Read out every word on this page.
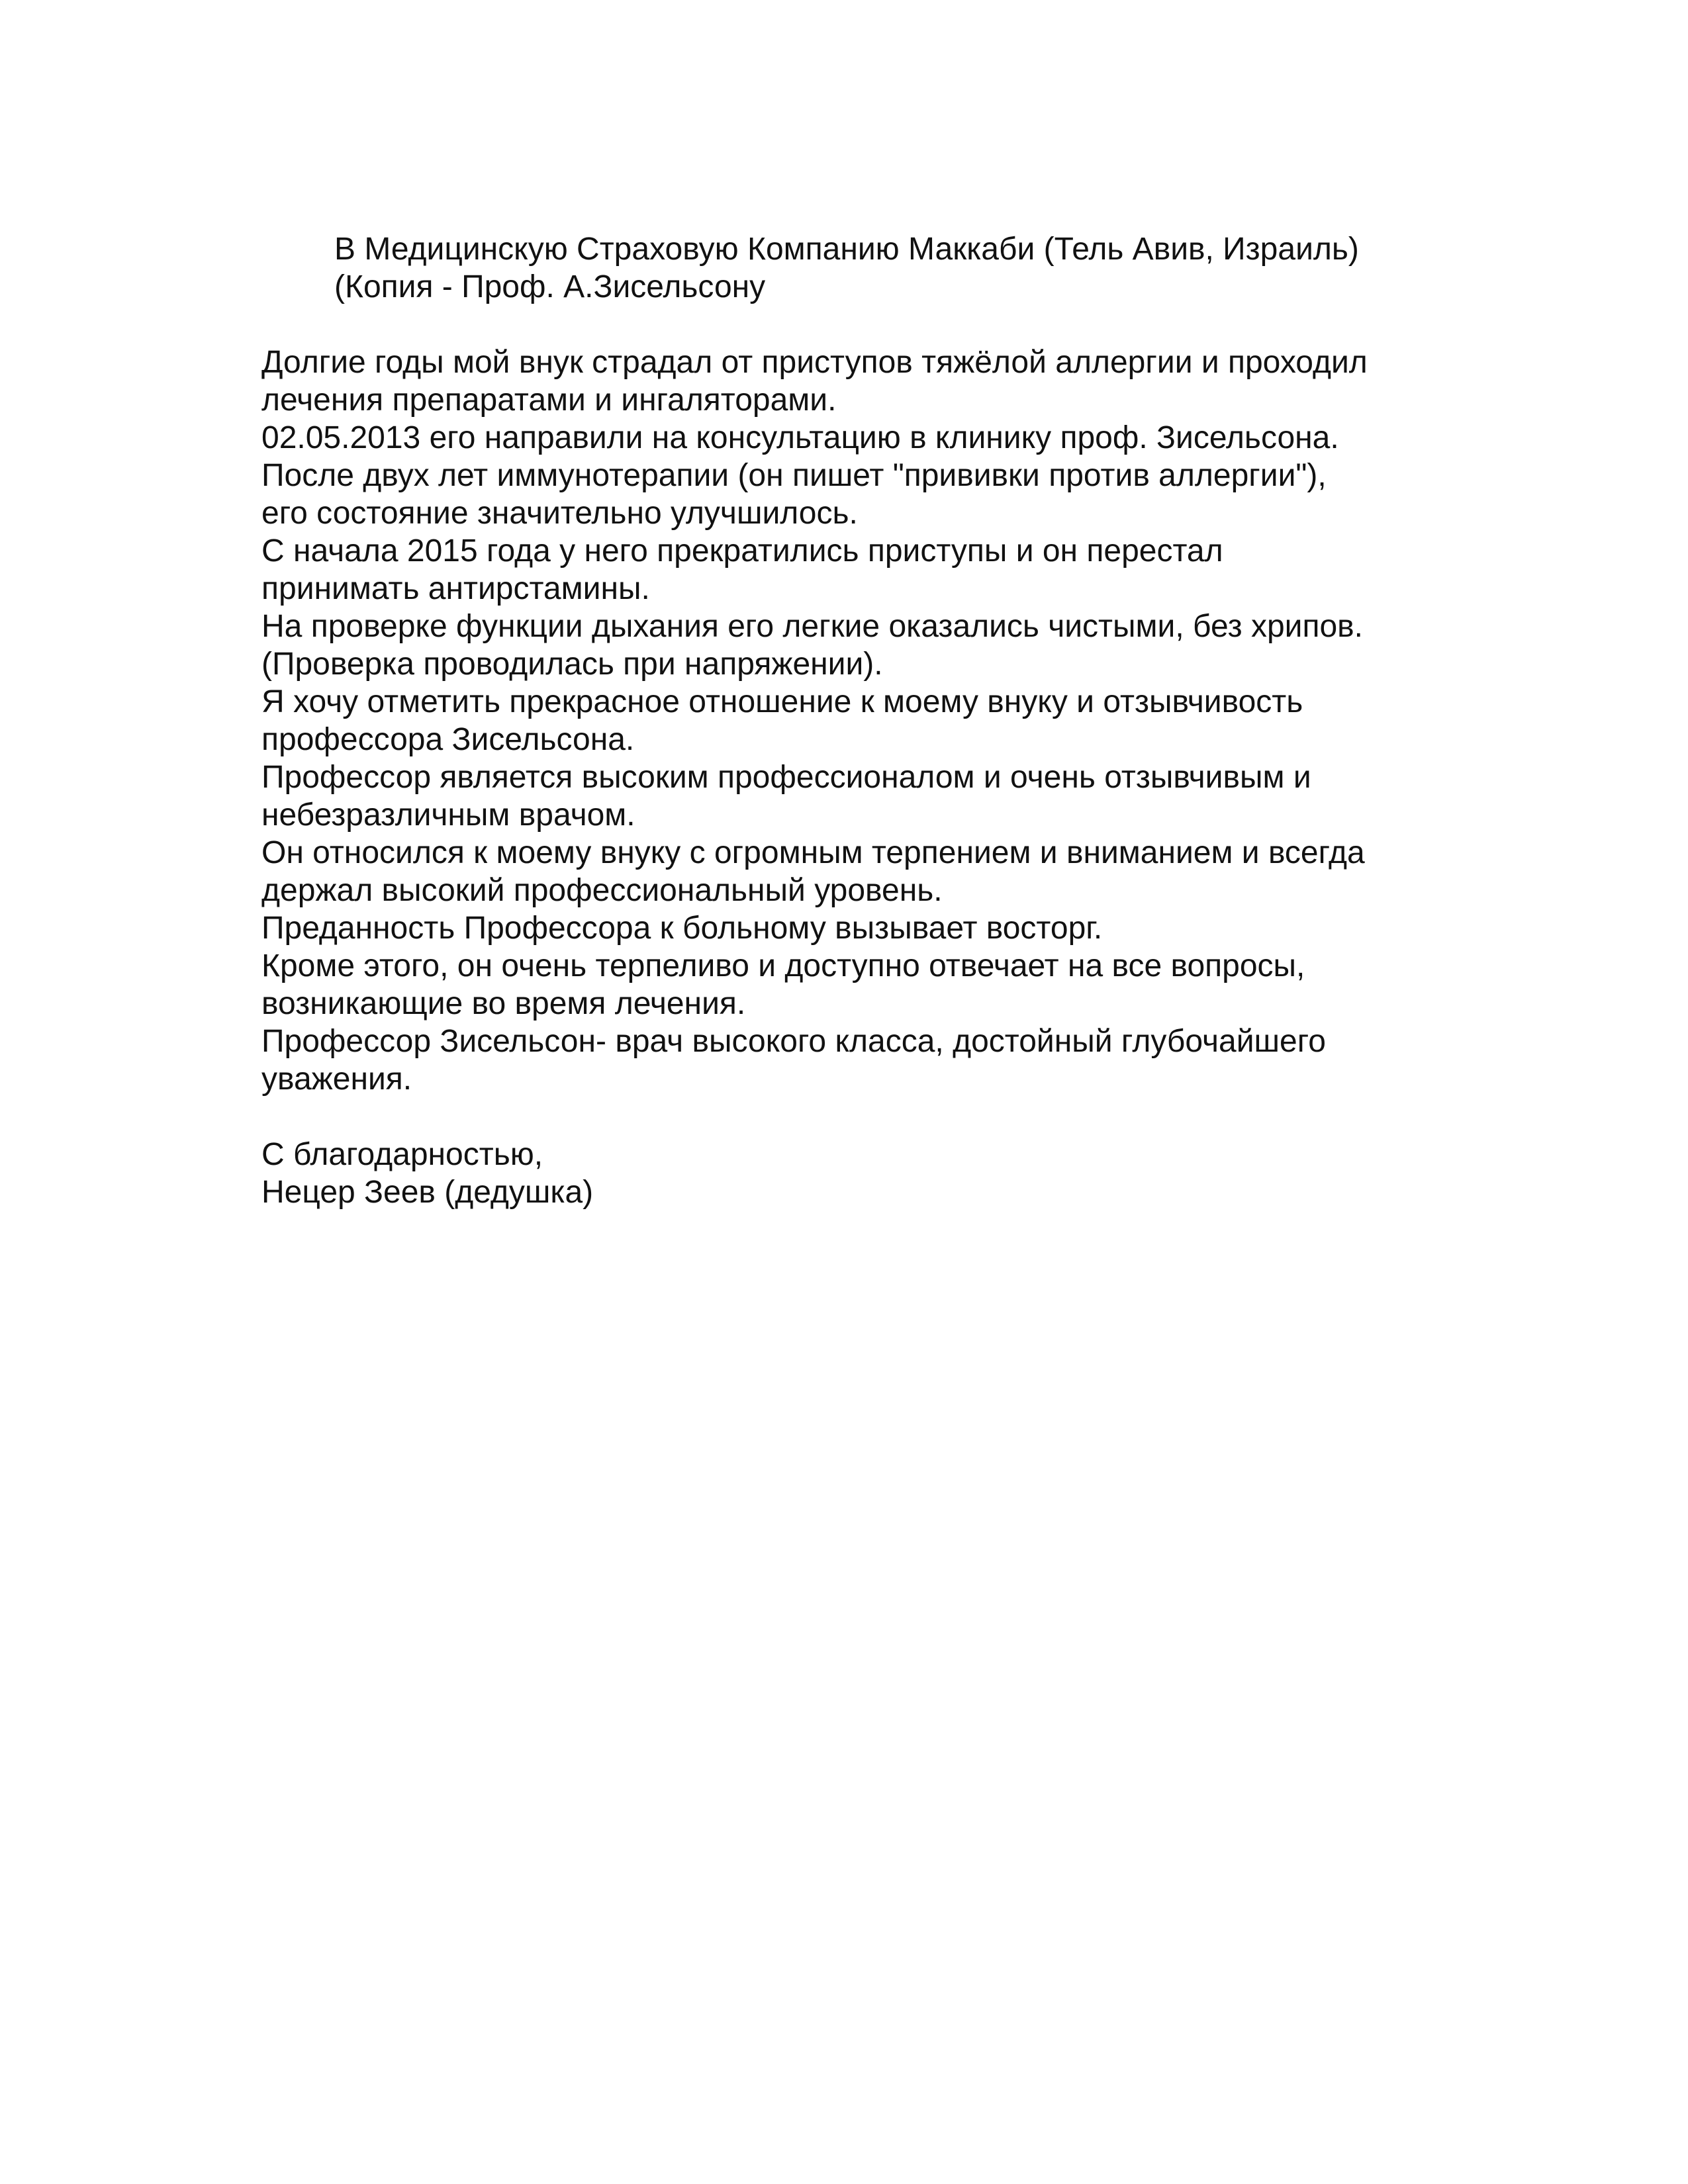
В Медицинскую Страховую Компанию Маккаби (Тель Авив, Израиль)
(Копия - Проф. А.Зисельсону
Долгие годы мой внук страдал от приступов тяжёлой аллергии и проходил
лечения препаратами и ингаляторами.
02.05.2013 его направили на консультацию в клинику проф. Зисельсона.
После двух лет иммунотерапии (он пишет "прививки против аллергии"),
его состояние значительно улучшилось.
С начала 2015 года у него прекратились приступы и он перестал
принимать антирстамины.
На проверке функции дыхания его легкие оказались чистыми, без хрипов.
(Проверка проводилась при напряжении).
Я хочу отметить прекрасное отношение к моему внуку и отзывчивость
профессора Зисельсона.
Профессор является высоким профессионалом и очень отзывчивым и
небезразличным врачом.
Он относился к моему внуку с огромным терпением и вниманием и всегда
держал высокий профессиональный уровень.
Преданность Профессора к больному вызывает восторг.
Кроме этого, он очень терпеливо и доступно отвечает на все вопросы,
возникающие во время лечения.
Профессор Зисельсон- врач высокого класса, достойный глубочайшего
уважения.
С благодарностью,
Нецер Зеев (дедушка)
